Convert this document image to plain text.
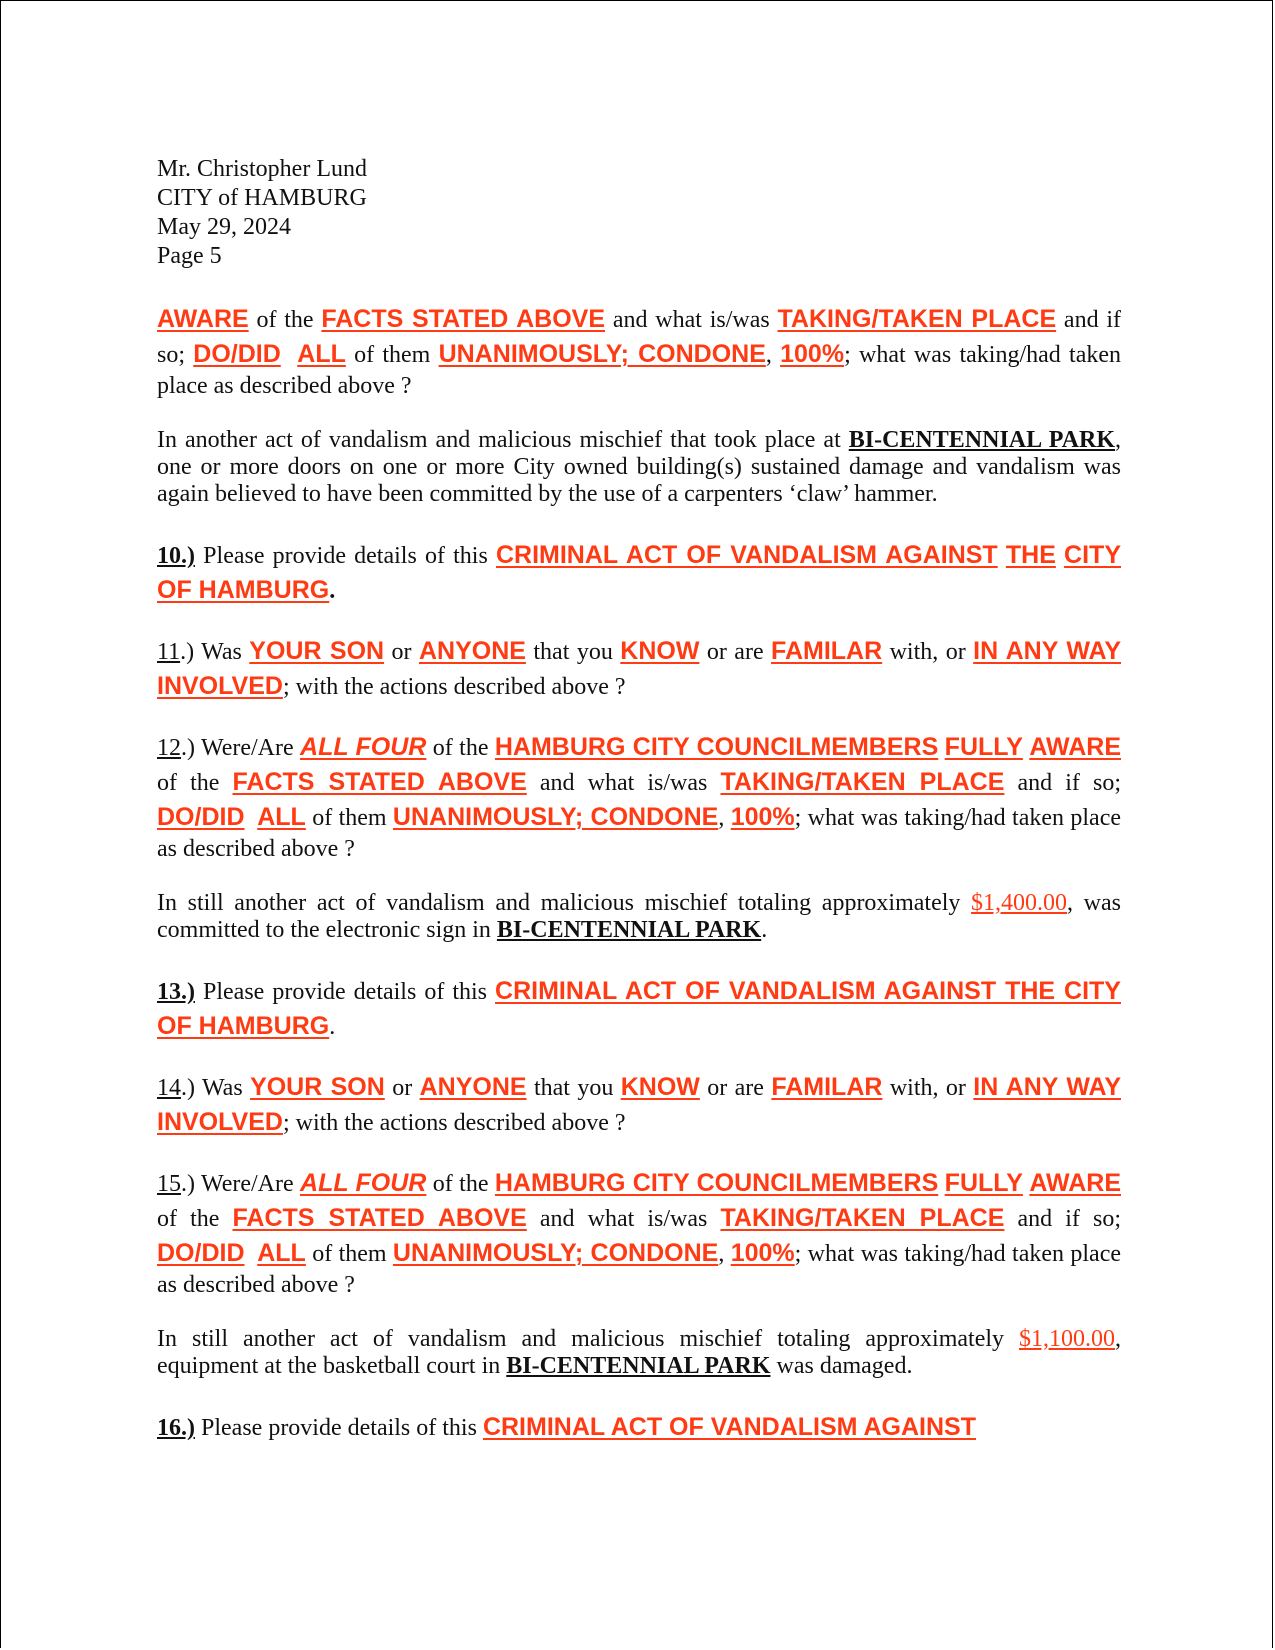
Mr. Christopher Lund
CITY of HAMBURG
May 29, 2024
Page 5

AWARE of the FACTS STATED ABOVE and what is/was TAKING/TAKEN PLACE and if so; DO/DID ALL of them UNANIMOUSLY; CONDONE, 100%; what was taking/had taken place as described above ?

In another act of vandalism and malicious mischief that took place at BI-CENTENNIAL PARK, one or more doors on one or more City owned building(s) sustained damage and vandalism was again believed to have been committed by the use of a carpenters ‘claw’ hammer.

10.) Please provide details of this CRIMINAL ACT OF VANDALISM AGAINST THE CITY OF HAMBURG.

11.) Was YOUR SON or ANYONE that you KNOW or are FAMILAR with, or IN ANY WAY INVOLVED; with the actions described above ?

12.) Were/Are ALL FOUR of the HAMBURG CITY COUNCILMEMBERS FULLY AWARE of the FACTS STATED ABOVE and what is/was TAKING/TAKEN PLACE and if so; DO/DID ALL of them UNANIMOUSLY; CONDONE, 100%; what was taking/had taken place as described above ?

In still another act of vandalism and malicious mischief totaling approximately $1,400.00, was committed to the electronic sign in BI-CENTENNIAL PARK.

13.) Please provide details of this CRIMINAL ACT OF VANDALISM AGAINST THE CITY OF HAMBURG.

14.) Was YOUR SON or ANYONE that you KNOW or are FAMILAR with, or IN ANY WAY INVOLVED; with the actions described above ?

15.) Were/Are ALL FOUR of the HAMBURG CITY COUNCILMEMBERS FULLY AWARE of the FACTS STATED ABOVE and what is/was TAKING/TAKEN PLACE and if so; DO/DID ALL of them UNANIMOUSLY; CONDONE, 100%; what was taking/had taken place as described above ?

In still another act of vandalism and malicious mischief totaling approximately $1,100.00, equipment at the basketball court in BI-CENTENNIAL PARK was damaged.

16.) Please provide details of this CRIMINAL ACT OF VANDALISM AGAINST
